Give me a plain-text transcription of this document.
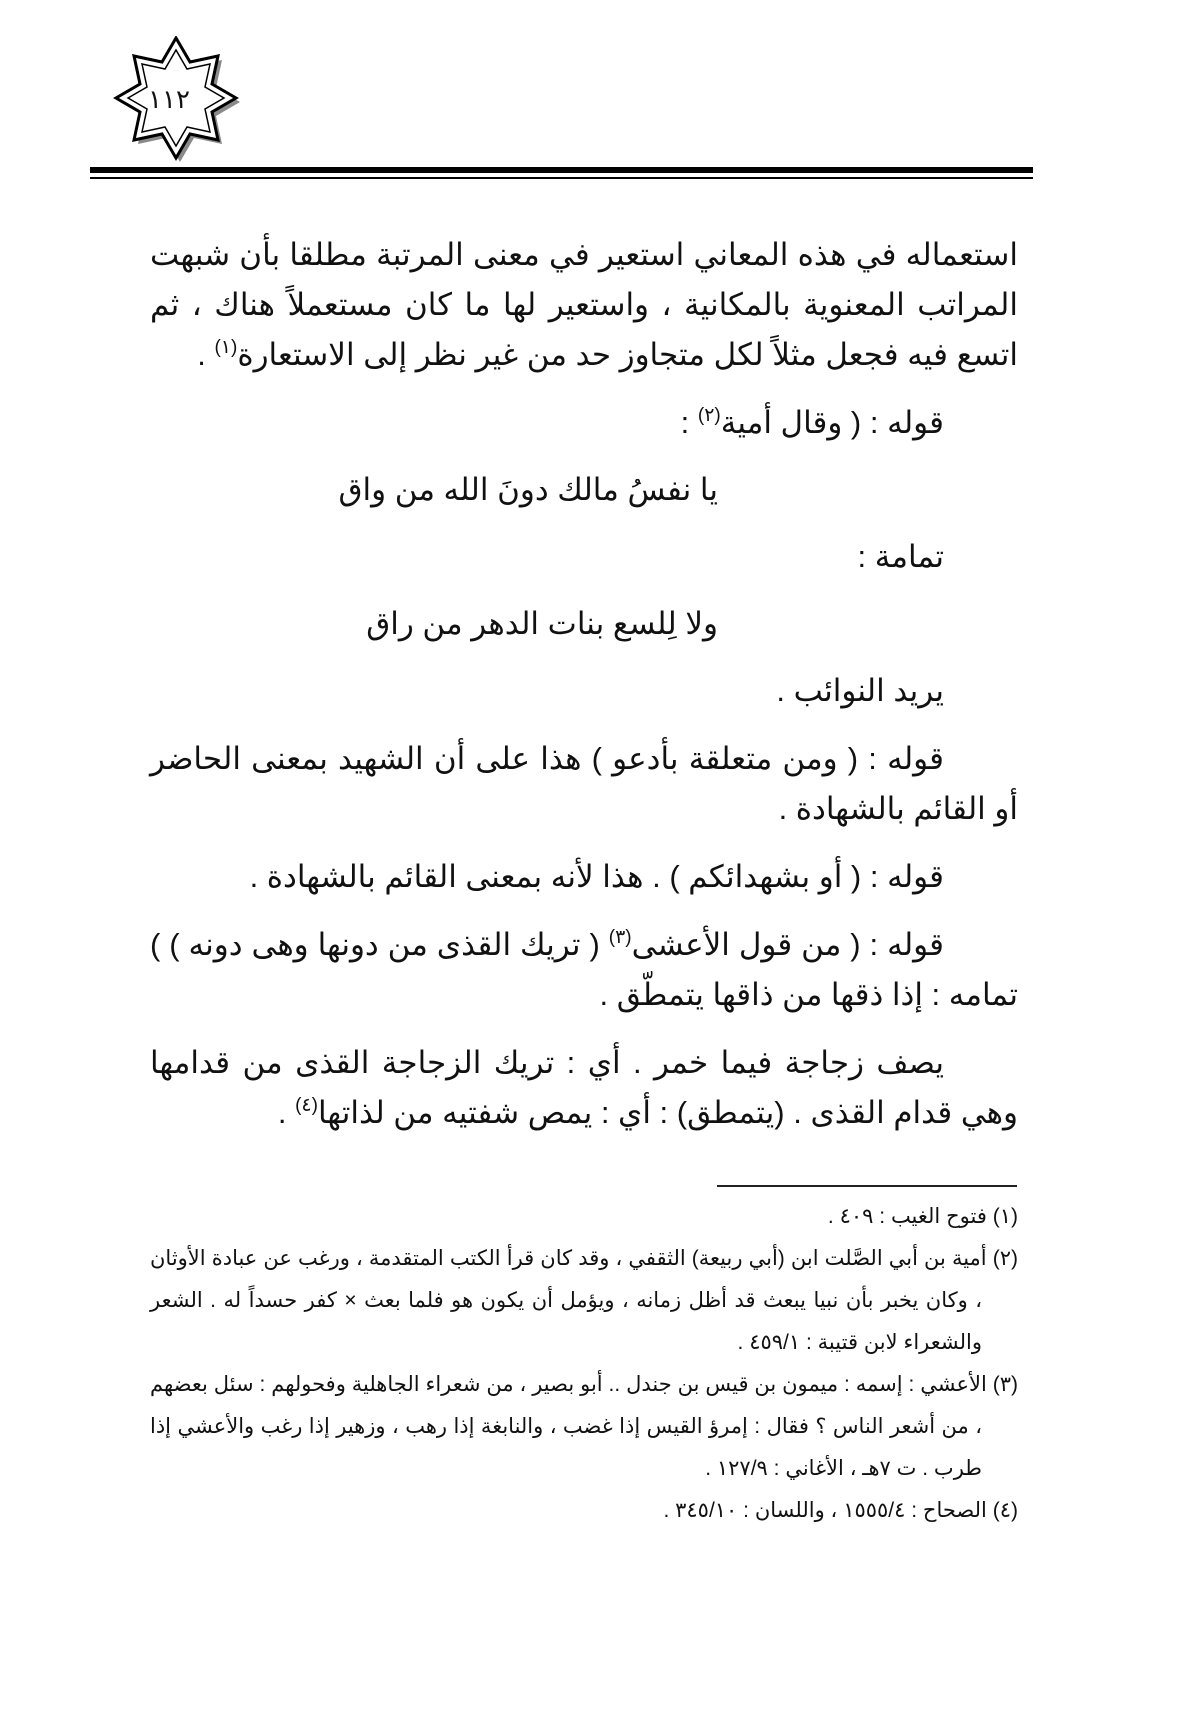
١١٢

استعماله في هذه المعاني استعير في معنى المرتبة مطلقا بأن شبهت المراتب المعنوية بالمكانية ، واستعير لها ما كان مستعملاً هناك ، ثم اتسع فيه فجعل مثلاً لكل متجاوز حد من غير نظر إلى الاستعارة$^{(١)}$ .

قوله : ( وقال أمية$^{(٢)}$ :

يا نفسُ مالك دونَ الله من واق

تمامة :

ولا لِلسع بنات الدهر من راق

يريد النوائب .

قوله : ( ومن متعلقة بأدعو ) هذا على أن الشهيد بمعنى الحاضر أو القائم بالشهادة .

قوله : ( أو بشهدائكم ) . هذا لأنه بمعنى القائم بالشهادة .

قوله : ( من قول الأعشى$^{(٣)}$ ( تريك القذى من دونها وهى دونه ) ) تمامه : إذا ذقها من ذاقها يتمطّق .

يصف زجاجة فيما خمر . أي : تريك الزجاجة القذى من قدامها وهي قدام القذى . (يتمطق) : أي : يمص شفتيه من لذاتها$^{(٤)}$ .

(١) فتوح الغيب : ٤٠٩ .

(٢) أمية بن أبي الصَّلت ابن (أبي ربيعة) الثقفي ، وقد كان قرأ الكتب المتقدمة ، ورغب عن عبادة الأوثان ، وكان يخبر بأن نبيا يبعث قد أظل زمانه ، ويؤمل أن يكون هو فلما بعث × كفر حسداً له . الشعر والشعراء لابن قتيبة : ٤٥٩/١ .

(٣) الأعشي : إسمه : ميمون بن قيس بن جندل .. أبو بصير ، من شعراء الجاهلية وفحولهم : سئل بعضهم ، من أشعر الناس ؟ فقال : إمرؤ القيس إذا غضب ، والنابغة إذا رهب ، وزهير إذا رغب والأعشي إذا طرب . ت ٧هـ ، الأغاني : ١٢٧/٩ .

(٤) الصحاح : ١٥٥٥/٤ ، واللسان : ٣٤٥/١٠ .
